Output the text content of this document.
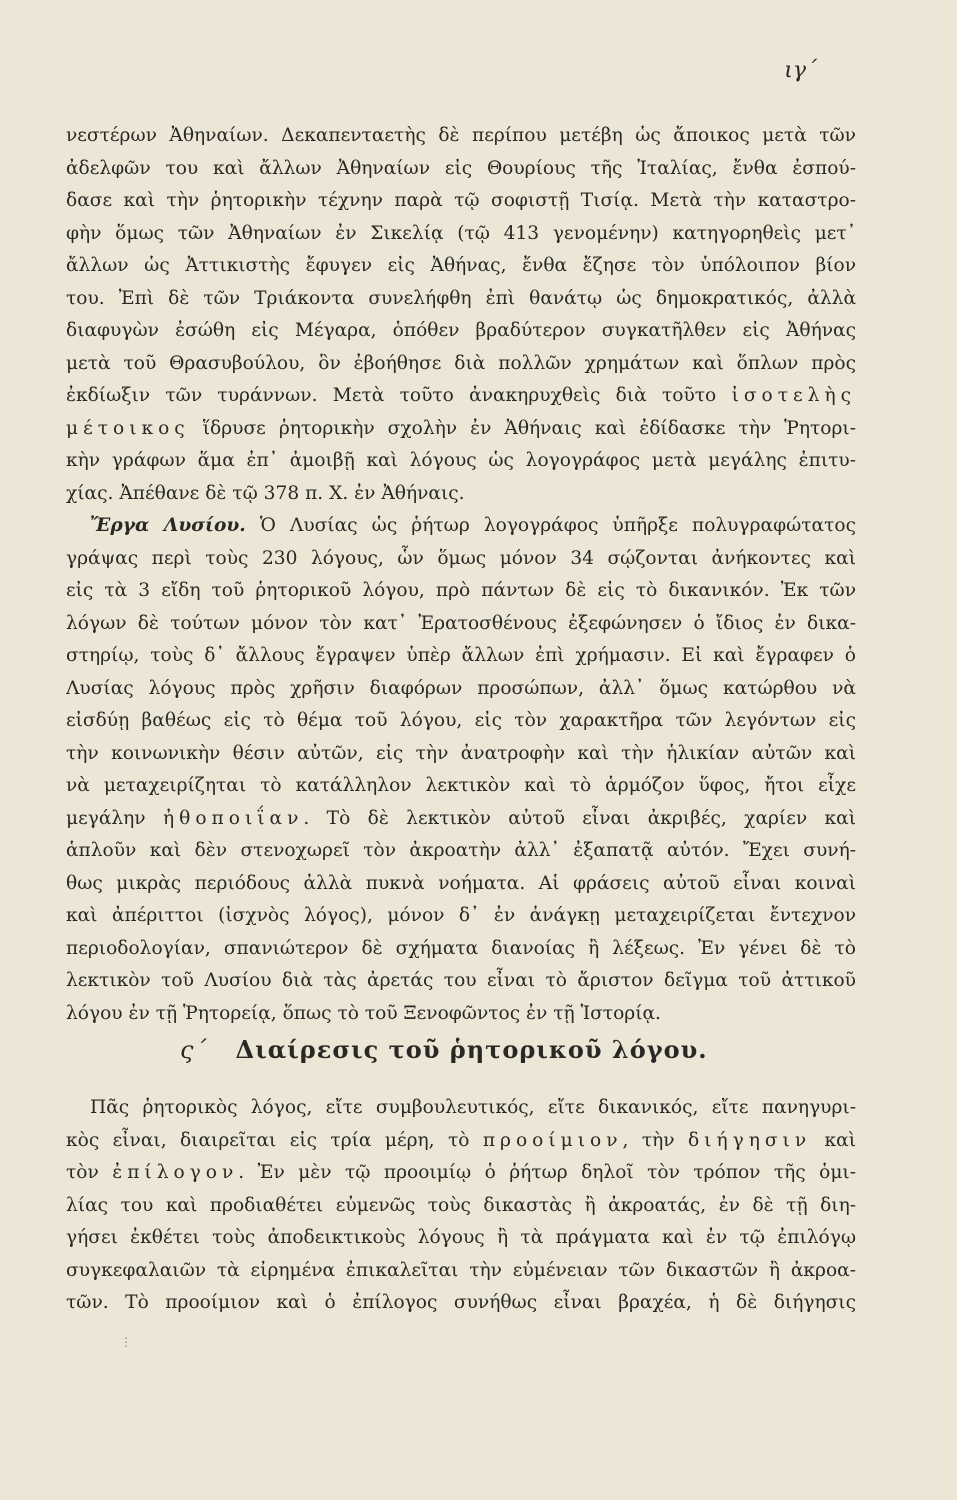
ιγ΄
νεστέρων Ἀθηναίων. Δεκαπενταετὴς δὲ περίπου μετέβη ὡς ἄποικος μετὰ τῶν
ἀδελφῶν του καὶ ἄλλων Ἀθηναίων εἰς Θουρίους τῆς Ἰταλίας, ἔνθα ἐσπού-
δασε καὶ τὴν ῥητορικὴν τέχνην παρὰ τῷ σοφιστῇ Τισίᾳ. Μετὰ τὴν καταστρο-
φὴν ὅμως τῶν Ἀθηναίων ἐν Σικελίᾳ (τῷ 413 γενομένην) κατηγορηθεὶς μετ᾽
ἄλλων ὡς Ἀττικιστὴς ἔφυγεν εἰς Ἀθήνας, ἔνθα ἔζησε τὸν ὑπόλοιπον βίον
του. Ἐπὶ δὲ τῶν Τριάκοντα συνελήφθη ἐπὶ θανάτῳ ὡς δημοκρατικός, ἀλλὰ
διαφυγὼν ἐσώθη εἰς Μέγαρα, ὁπόθεν βραδύτερον συγκατῆλθεν εἰς Ἀθήνας
μετὰ τοῦ Θρασυβούλου, ὃν ἐβοήθησε διὰ πολλῶν χρημάτων καὶ ὅπλων πρὸς
ἐκδίωξιν τῶν τυράννων. Μετὰ τοῦτο ἀνακηρυχθεὶς διὰ τοῦτο ἰσοτελὴς
μέτοικος ἵδρυσε ῥητορικὴν σχολὴν ἐν Ἀθήναις καὶ ἐδίδασκε τὴν Ῥητορι-
κὴν γράφων ἅμα ἐπ᾽ ἀμοιβῇ καὶ λόγους ὡς λογογράφος μετὰ μεγάλης ἐπιτυ-
χίας. Ἀπέθανε δὲ τῷ 378 π. Χ. ἐν Ἀθήναις.
Ἔργα Λυσίου. Ὁ Λυσίας ὡς ῥήτωρ λογογράφος ὑπῆρξε πολυγραφώτατος
γράψας περὶ τοὺς 230 λόγους, ὧν ὅμως μόνον 34 σῴζονται ἀνήκοντες καὶ
εἰς τὰ 3 εἴδη τοῦ ῥητορικοῦ λόγου, πρὸ πάντων δὲ εἰς τὸ δικανικόν. Ἐκ τῶν
λόγων δὲ τούτων μόνον τὸν κατ᾽ Ἐρατοσθένους ἐξεφώνησεν ὁ ἴδιος ἐν δικα-
στηρίῳ, τοὺς δ᾽ ἄλλους ἔγραψεν ὑπὲρ ἄλλων ἐπὶ χρήμασιν. Εἰ καὶ ἔγραφεν ὁ
Λυσίας λόγους πρὸς χρῆσιν διαφόρων προσώπων, ἀλλ᾽ ὅμως κατώρθου νὰ
εἰσδύῃ βαθέως εἰς τὸ θέμα τοῦ λόγου, εἰς τὸν χαρακτῆρα τῶν λεγόντων εἰς
τὴν κοινωνικὴν θέσιν αὐτῶν, εἰς τὴν ἀνατροφὴν καὶ τὴν ἡλικίαν αὐτῶν καὶ
νὰ μεταχειρίζηται τὸ κατάλληλον λεκτικὸν καὶ τὸ ἁρμόζον ὕφος, ἤτοι εἶχε
μεγάλην ἠθοποιΐαν. Τὸ δὲ λεκτικὸν αὐτοῦ εἶναι ἀκριβές, χαρίεν καὶ
ἁπλοῦν καὶ δὲν στενοχωρεῖ τὸν ἀκροατὴν ἀλλ᾽ ἐξαπατᾷ αὐτόν. Ἔχει συνή-
θως μικρὰς περιόδους ἀλλὰ πυκνὰ νοήματα. Αἱ φράσεις αὐτοῦ εἶναι κοιναὶ
καὶ ἀπέριττοι (ἰσχνὸς λόγος), μόνον δ᾽ ἐν ἀνάγκῃ μεταχειρίζεται ἔντεχνον
περιοδολογίαν, σπανιώτερον δὲ σχήματα διανοίας ἢ λέξεως. Ἐν γένει δὲ τὸ
λεκτικὸν τοῦ Λυσίου διὰ τὰς ἀρετάς του εἶναι τὸ ἄριστον δεῖγμα τοῦ ἀττικοῦ
λόγου ἐν τῇ Ῥητορείᾳ, ὅπως τὸ τοῦ Ξενοφῶντος ἐν τῇ Ἱστορίᾳ.
ς΄ Διαίρεσις τοῦ ῥητορικοῦ λόγου.
Πᾶς ῥητορικὸς λόγος, εἴτε συμβουλευτικός, εἴτε δικανικός, εἴτε πανηγυρι-
κὸς εἶναι, διαιρεῖται εἰς τρία μέρη, τὸ προοίμιον, τὴν διήγησιν καὶ
τὸν ἐπίλογον. Ἐν μὲν τῷ προοιμίῳ ὁ ῥήτωρ δηλοῖ τὸν τρόπον τῆς ὁμι-
λίας του καὶ προδιαθέτει εὐμενῶς τοὺς δικαστὰς ἢ ἀκροατάς, ἐν δὲ τῇ διη-
γήσει ἐκθέτει τοὺς ἀποδεικτικοὺς λόγους ἢ τὰ πράγματα καὶ ἐν τῷ ἐπιλόγῳ
συγκεφαλαιῶν τὰ εἰρημένα ἐπικαλεῖται τὴν εὐμένειαν τῶν δικαστῶν ἢ ἀκροα-
τῶν. Τὸ προοίμιον καὶ ὁ ἐπίλογος συνήθως εἶναι βραχέα, ἡ δὲ διήγησις
⋮
